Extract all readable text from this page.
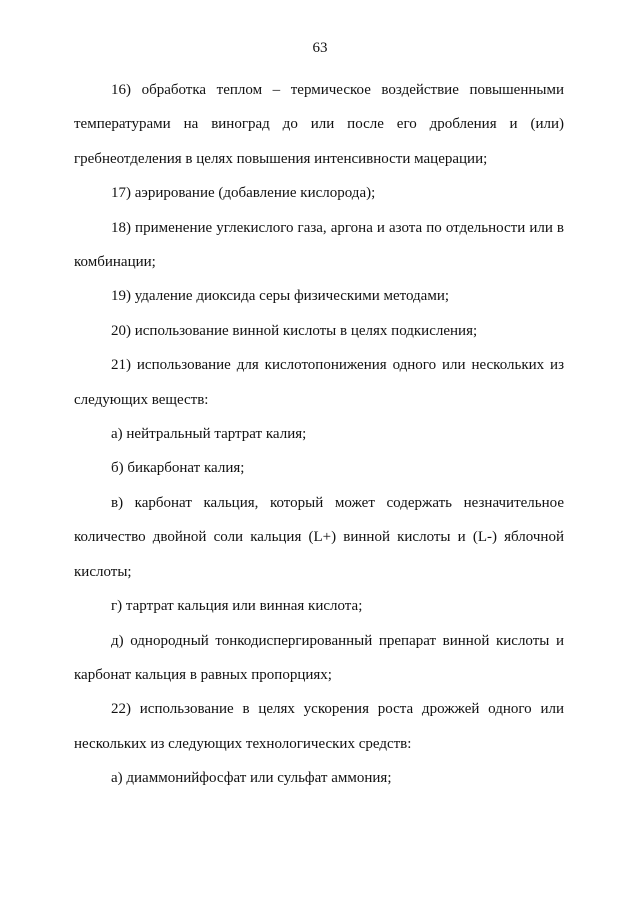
63

16) обработка теплом – термическое воздействие повышенными температурами на виноград до или после его дробления и (или) гребнеотделения в целях повышения интенсивности мацерации;

17) аэрирование (добавление кислорода);

18) применение углекислого газа, аргона и азота по отдельности или в комбинации;

19) удаление диоксида серы физическими методами;

20) использование винной кислоты в целях подкисления;

21) использование для кислотопонижения одного или нескольких из следующих веществ:

а) нейтральный тартрат калия;

б) бикарбонат калия;

в) карбонат кальция, который может содержать незначительное количество двойной соли кальция (L+) винной кислоты и (L-) яблочной кислоты;

г) тартрат кальция или винная кислота;

д) однородный тонкодиспергированный препарат винной кислоты и карбонат кальция в равных пропорциях;

22) использование в целях ускорения роста дрожжей одного или нескольких из следующих технологических средств:

а) диаммонийфосфат или сульфат аммония;
